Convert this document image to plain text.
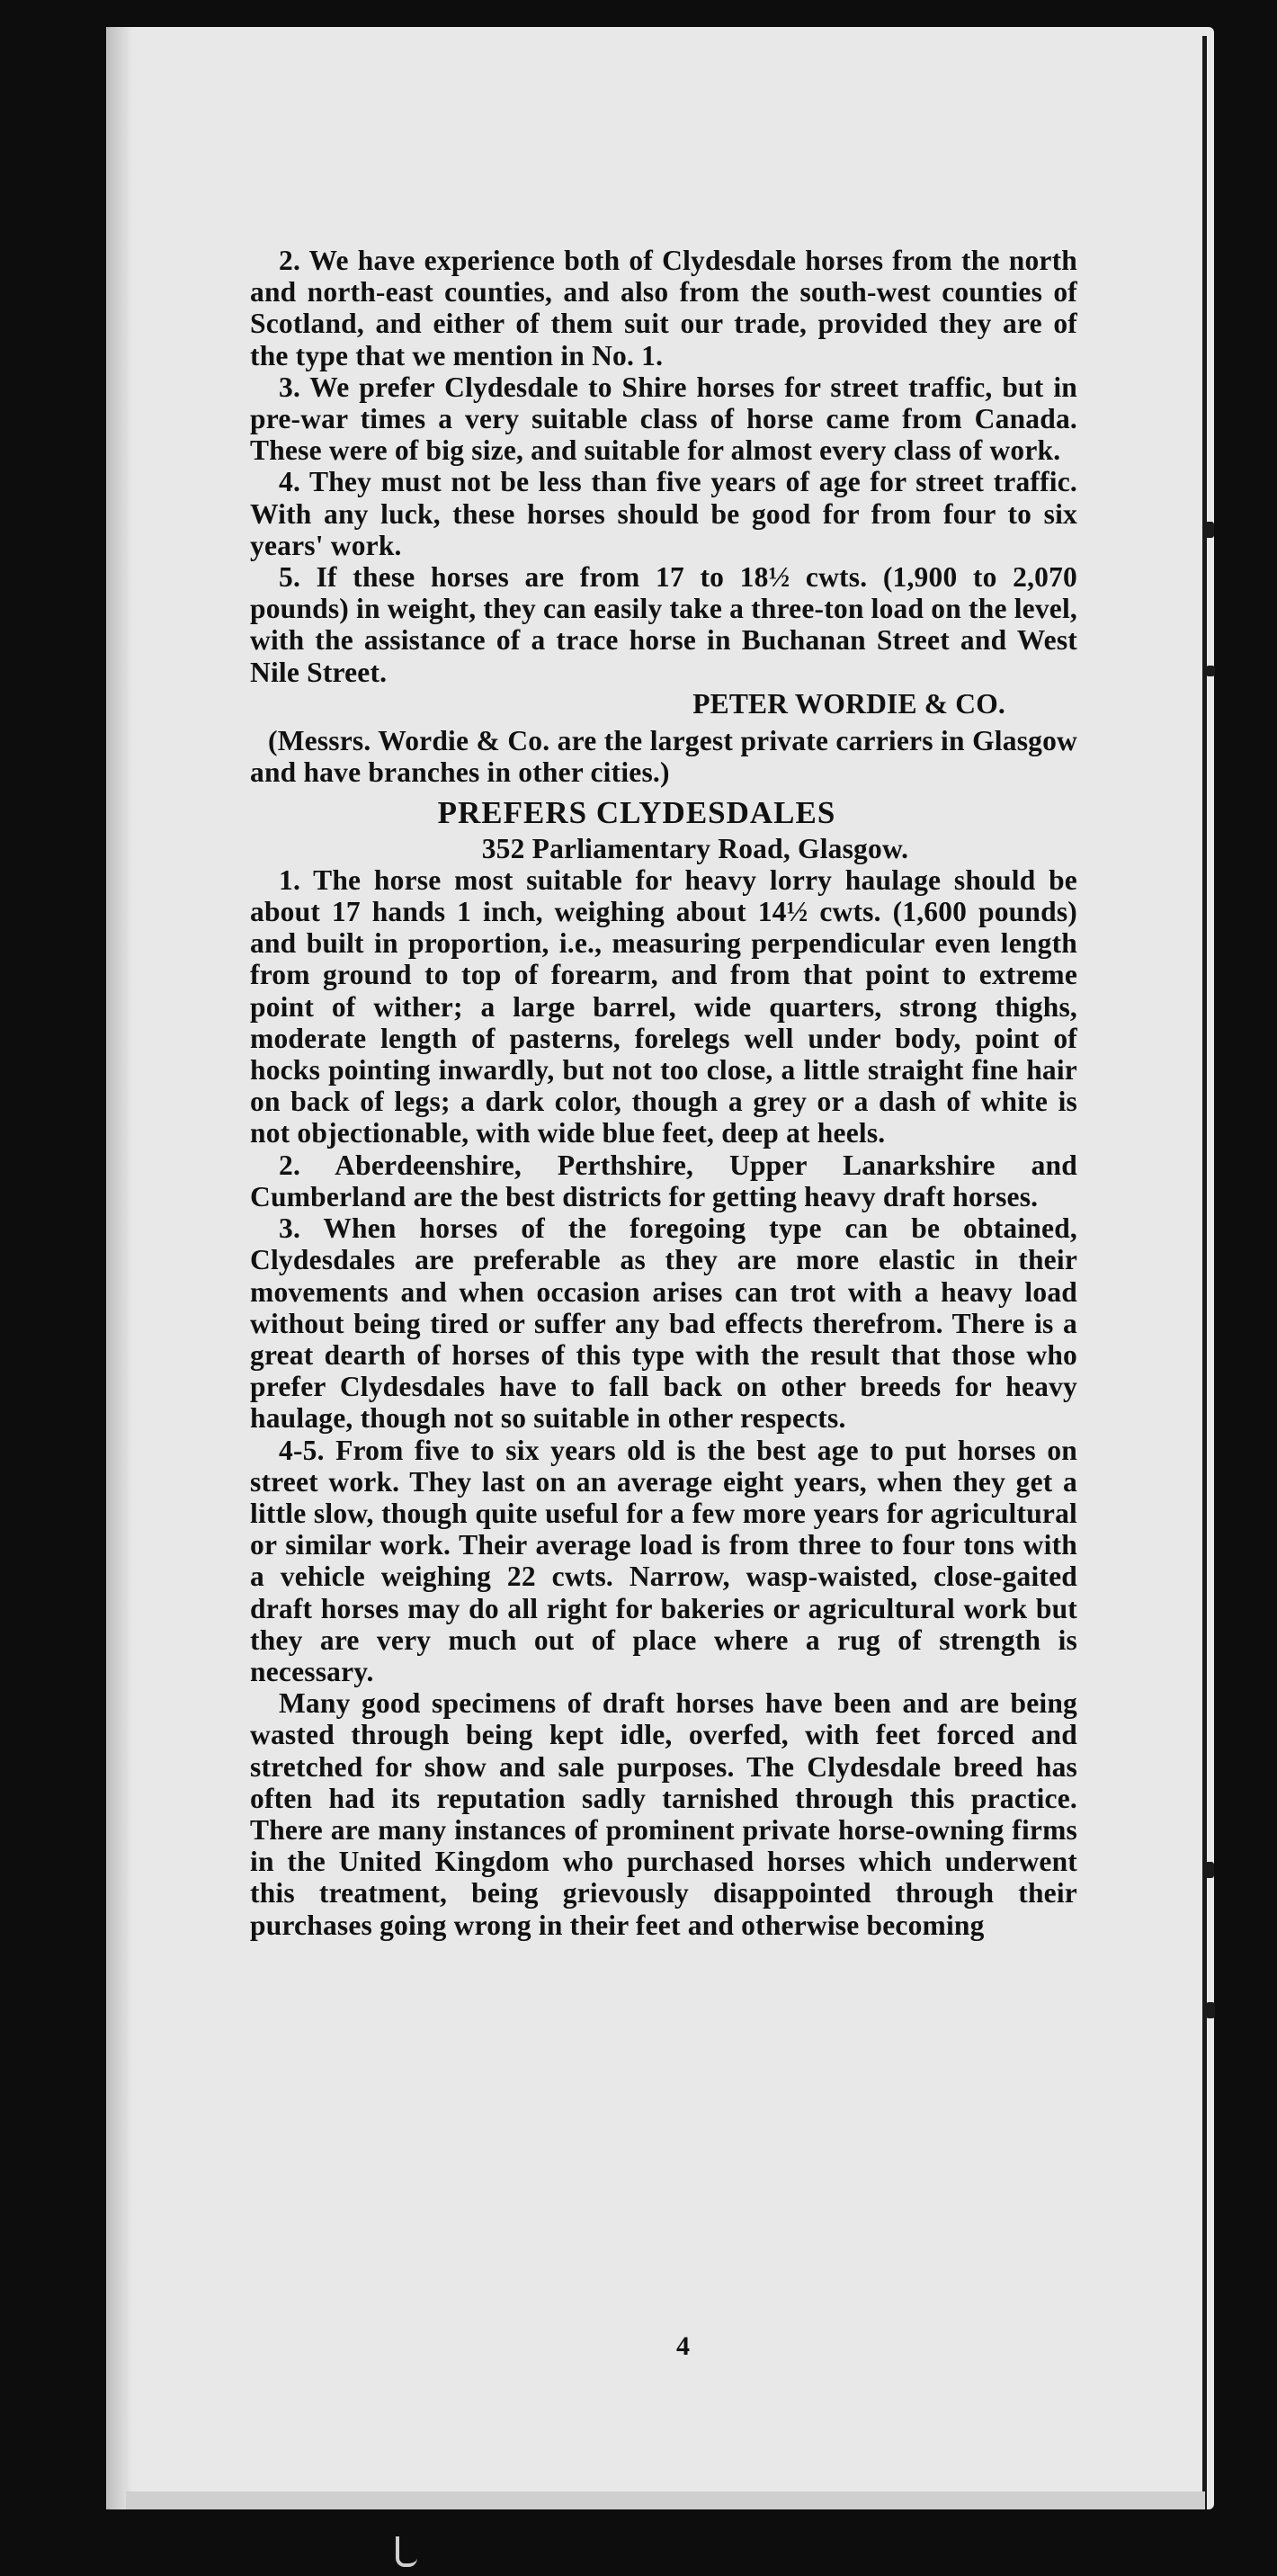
2. We have experience both of Clydesdale horses from the north and north-east counties, and also from the south-west counties of Scotland, and either of them suit our trade, provided they are of the type that we mention in No. 1.

3. We prefer Clydesdale to Shire horses for street traffic, but in pre-war times a very suitable class of horse came from Canada. These were of big size, and suitable for almost every class of work.

4. They must not be less than five years of age for street traffic. With any luck, these horses should be good for from four to six years' work.

5. If these horses are from 17 to 18½ cwts. (1,900 to 2,070 pounds) in weight, they can easily take a three-ton load on the level, with the assistance of a trace horse in Buchanan Street and West Nile Street.

PETER WORDIE & CO.

(Messrs. Wordie & Co. are the largest private carriers in Glasgow and have branches in other cities.)

PREFERS CLYDESDALES

352 Parliamentary Road, Glasgow.

1. The horse most suitable for heavy lorry haulage should be about 17 hands 1 inch, weighing about 14½ cwts. (1,600 pounds) and built in proportion, i.e., measuring perpendicular even length from ground to top of forearm, and from that point to extreme point of wither; a large barrel, wide quarters, strong thighs, moderate length of pasterns, forelegs well under body, point of hocks pointing inwardly, but not too close, a little straight fine hair on back of legs; a dark color, though a grey or a dash of white is not objectionable, with wide blue feet, deep at heels.

2. Aberdeenshire, Perthshire, Upper Lanarkshire and Cumberland are the best districts for getting heavy draft horses.

3. When horses of the foregoing type can be obtained, Clydesdales are preferable as they are more elastic in their movements and when occasion arises can trot with a heavy load without being tired or suffer any bad effects therefrom. There is a great dearth of horses of this type with the result that those who prefer Clydesdales have to fall back on other breeds for heavy haulage, though not so suitable in other respects.

4-5. From five to six years old is the best age to put horses on street work. They last on an average eight years, when they get a little slow, though quite useful for a few more years for agricultural or similar work. Their average load is from three to four tons with a vehicle weighing 22 cwts. Narrow, wasp-waisted, close-gaited draft horses may do all right for bakeries or agricultural work but they are very much out of place where a rug of strength is necessary.

Many good specimens of draft horses have been and are being wasted through being kept idle, overfed, with feet forced and stretched for show and sale purposes. The Clydesdale breed has often had its reputation sadly tarnished through this practice. There are many instances of prominent private horse-owning firms in the United Kingdom who purchased horses which underwent this treatment, being grievously disappointed through their purchases going wrong in their feet and otherwise becoming

4
